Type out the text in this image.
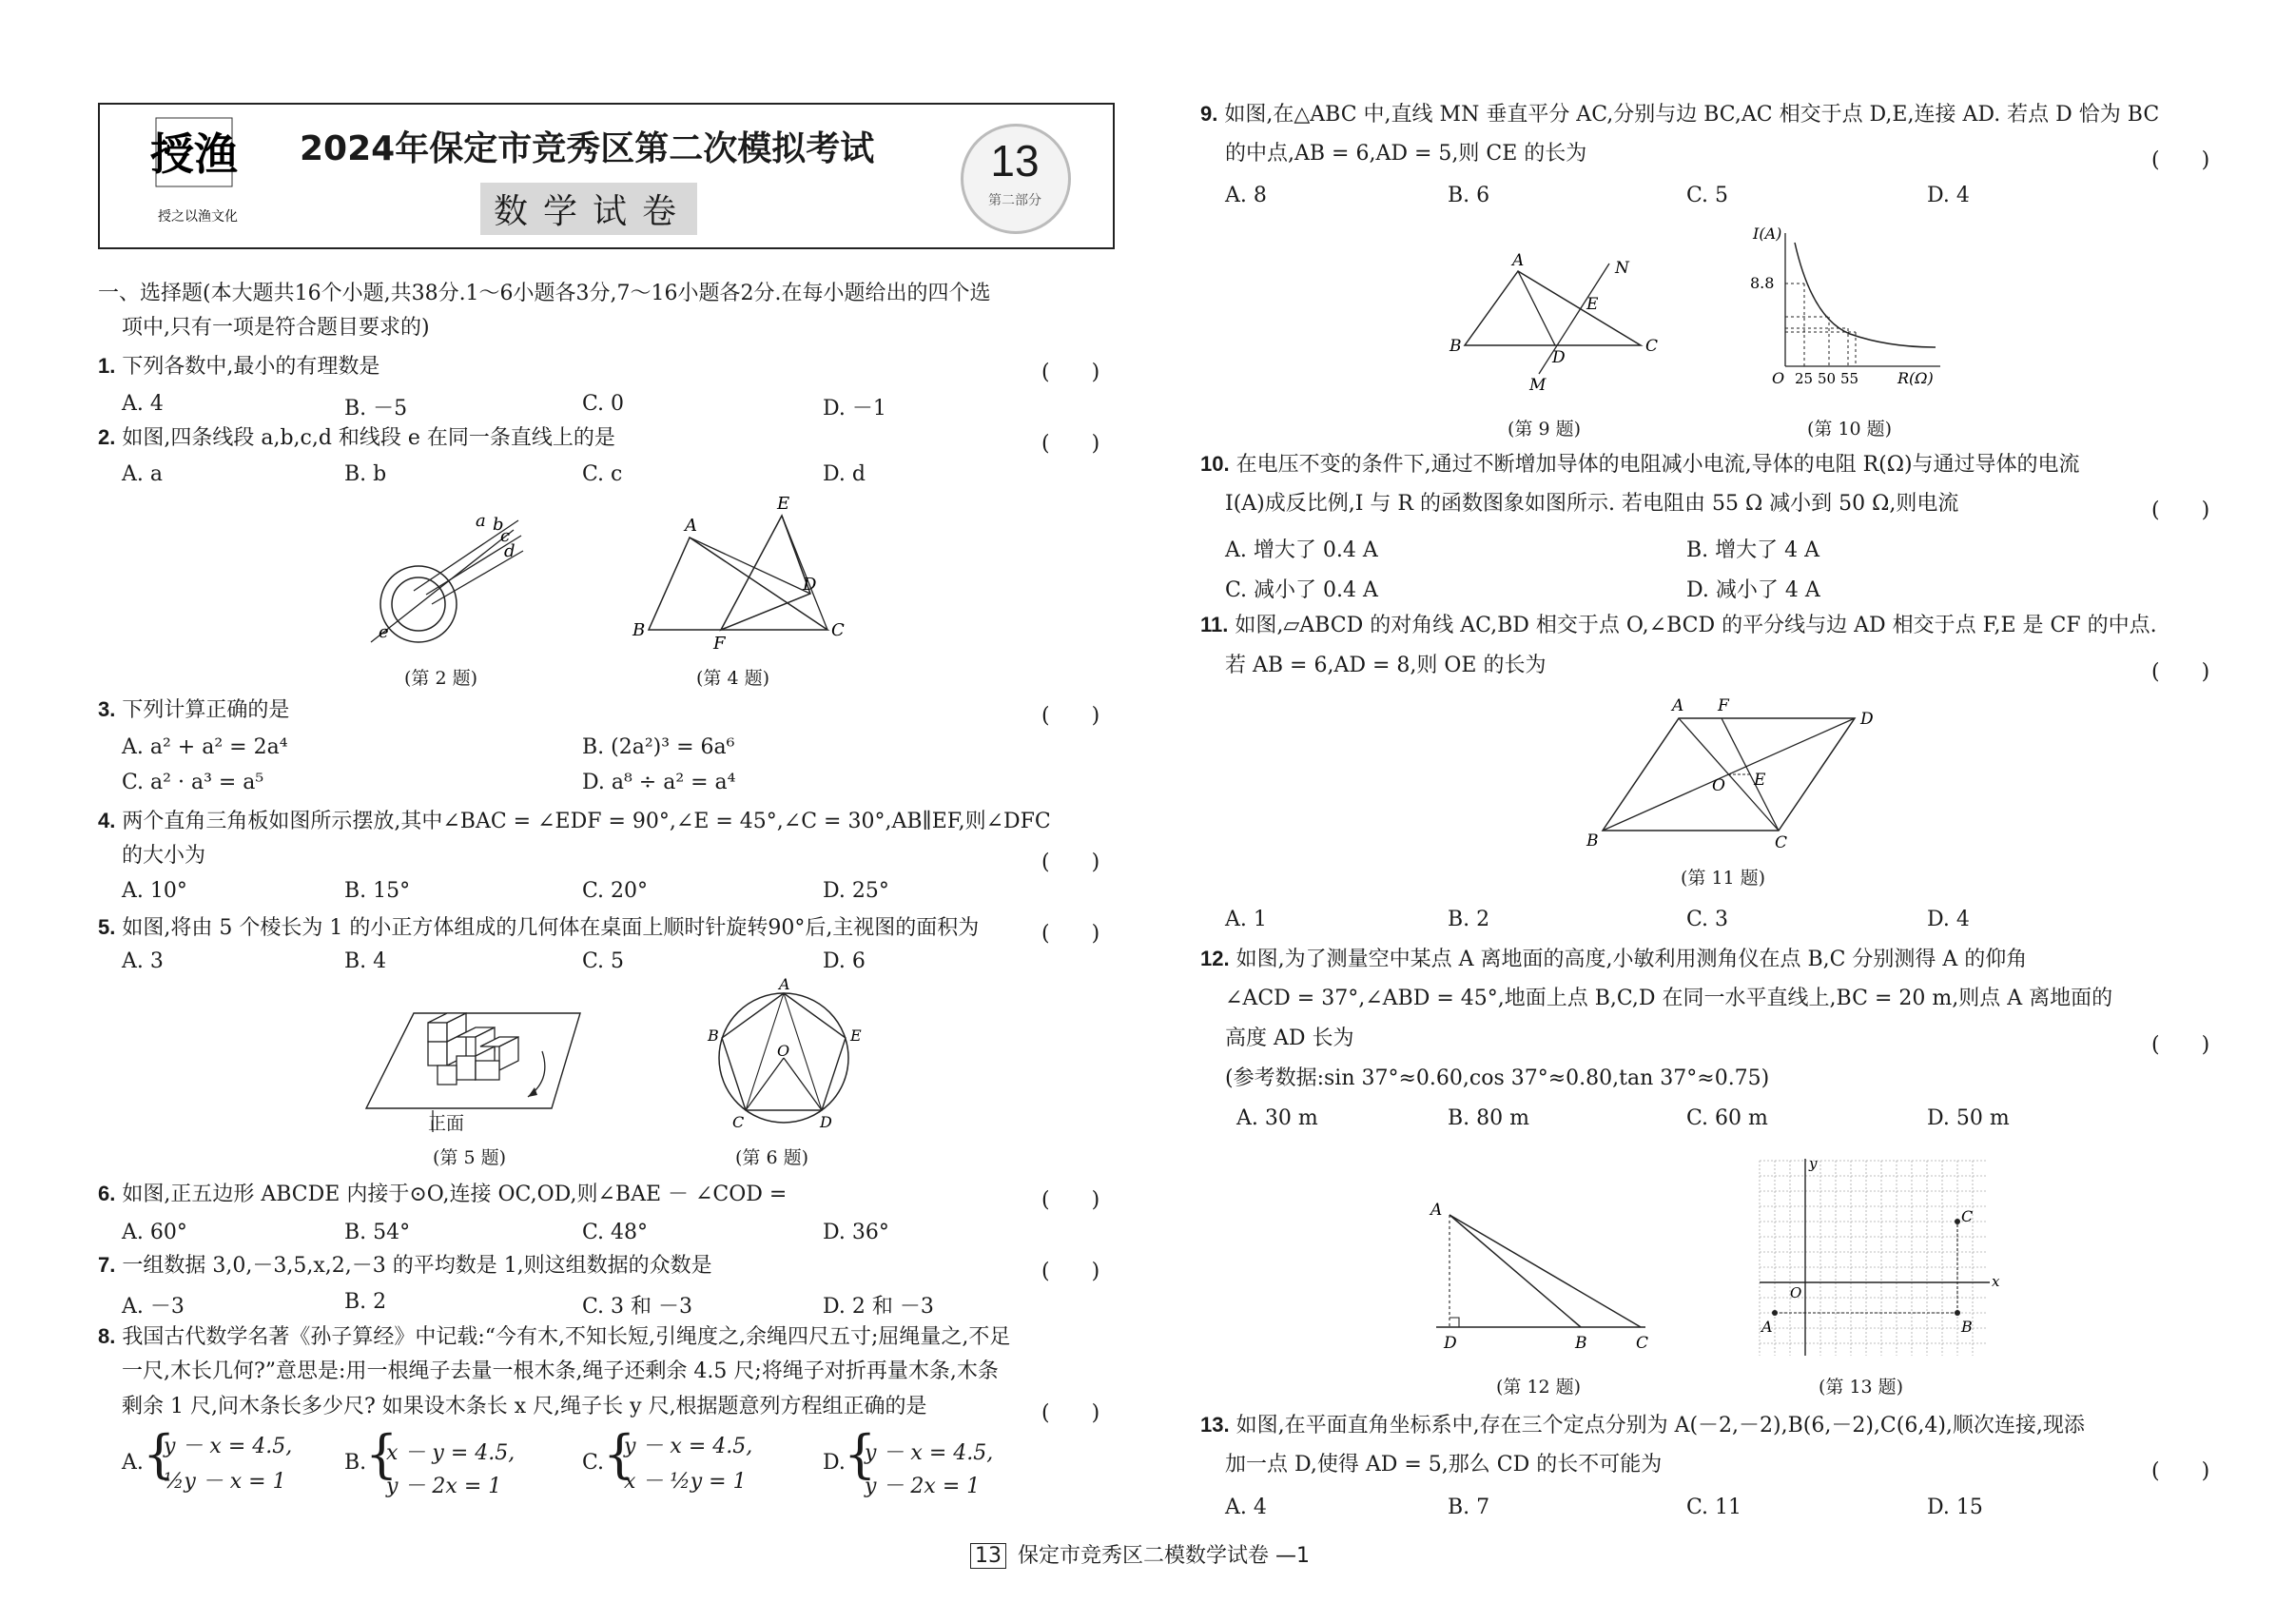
授渔
授之以渔文化
2024年保定市竞秀区第二次模拟考试
数学试卷
13
第二部分
一、选择题(本大题共16个小题,共38分.1～6小题各3分,7～16小题各2分.在每小题给出的四个选
项中,只有一项是符合题目要求的)
1. 下列各数中,最小的有理数是	(　　)
A. 4	B. －5	C. 0	D. －1
2. 如图,四条线段 a,b,c,d 和线段 e 在同一条直线上的是	(　　)
A. a	B. b	C. c	D. d
a b
c
d
e
(第 2 题)
A
B	C
D
E
F
(第 4 题)
3. 下列计算正确的是	(　　)
A. a² + a² = 2a⁴	B. (2a²)³ = 6a⁶
C. a² · a³ = a⁵	D. a⁸ ÷ a² = a⁴
4. 两个直角三角板如图所示摆放,其中∠BAC = ∠EDF = 90°,∠E = 45°,∠C = 30°,AB∥EF,则∠DFC
的大小为	(　　)
A. 10°	B. 15°	C. 20°	D. 25°
5. 如图,将由 5 个棱长为 1 的小正方体组成的几何体在桌面上顺时针旋转90°后,主视图的面积为	(　　)
A. 3	B. 4	C. 5	D. 6
正面
(第 5 题)
A
B
C	D
E
O
(第 6 题)
6. 如图,正五边形 ABCDE 内接于⊙O,连接 OC,OD,则∠BAE － ∠COD =	(　　)
A. 60°	B. 54°	C. 48°	D. 36°
7. 一组数据 3,0,－3,5,x,2,－3 的平均数是 1,则这组数据的众数是	(　　)
A. －3	B. 2	C. 3 和 －3	D. 2 和 －3
8. 我国古代数学名著《孙子算经》中记载:“今有木,不知长短,引绳度之,余绳四尺五寸;屈绳量之,不足
一尺,木长几何?”意思是:用一根绳子去量一根木条,绳子还剩余 4.5 尺;将绳子对折再量木条,木条
剩余 1 尺,问木条长多少尺? 如果设木条长 x 尺,绳子长 y 尺,根据题意列方程组正确的是	(　　)
A. {
y － x = 4.5,
½y － x = 1
B.
{
x － y = 4.5,
y － 2x = 1
C.
{
y － x = 4.5,
x － ½y = 1
D.
{
y － x = 4.5,
y － 2x = 1
9. 如图,在△ABC 中,直线 MN 垂直平分 AC,分别与边 BC,AC 相交于点 D,E,连接 AD. 若点 D 恰为 BC
的中点,AB = 6,AD = 5,则 CE 的长为	(　　)
A. 8	B. 6	C. 5	D. 4
A
B	C
D
E
M
N
(第 9 题)
I(A)
8.8
O 25 50 55	R(Ω)
(第 10 题)
10. 在电压不变的条件下,通过不断增加导体的电阻减小电流,导体的电阻 R(Ω)与通过导体的电流
I(A)成反比例,I 与 R 的函数图象如图所示. 若电阻由 55 Ω 减小到 50 Ω,则电流	(　　)
A. 增大了 0.4 A	B. 增大了 4 A
C. 减小了 0.4 A	D. 减小了 4 A
11. 如图,▱ABCD 的对角线 AC,BD 相交于点 O,∠BCD 的平分线与边 AD 相交于点 F,E 是 CF 的中点.
若 AB = 6,AD = 8,则 OE 的长为	(　　)
A
B	C
D
E
F
O
(第 11 题)
A. 1	B. 2	C. 3	D. 4
12. 如图,为了测量空中某点 A 离地面的高度,小敏利用测角仪在点 B,C 分别测得 A 的仰角
∠ACD = 37°,∠ABD = 45°,地面上点 B,C,D 在同一水平直线上,BC = 20 m,则点 A 离地面的
高度 AD 长为	(　　)
(参考数据:sin 37°≈0.60,cos 37°≈0.80,tan 37°≈0.75)
A. 30 m	B. 80 m	C. 60 m	D. 50 m
A
D	B	C
(第 12 题)
A	B
C
O
x
y
(第 13 题)
13. 如图,在平面直角坐标系中,存在三个定点分别为 A(－2,－2),B(6,－2),C(6,4),顺次连接,现添
加一点 D,使得 AD = 5,那么 CD 的长不可能为	(　　)
A. 4	B. 7	C. 11	D. 15
13 保定市竞秀区二模数学试卷 —1
